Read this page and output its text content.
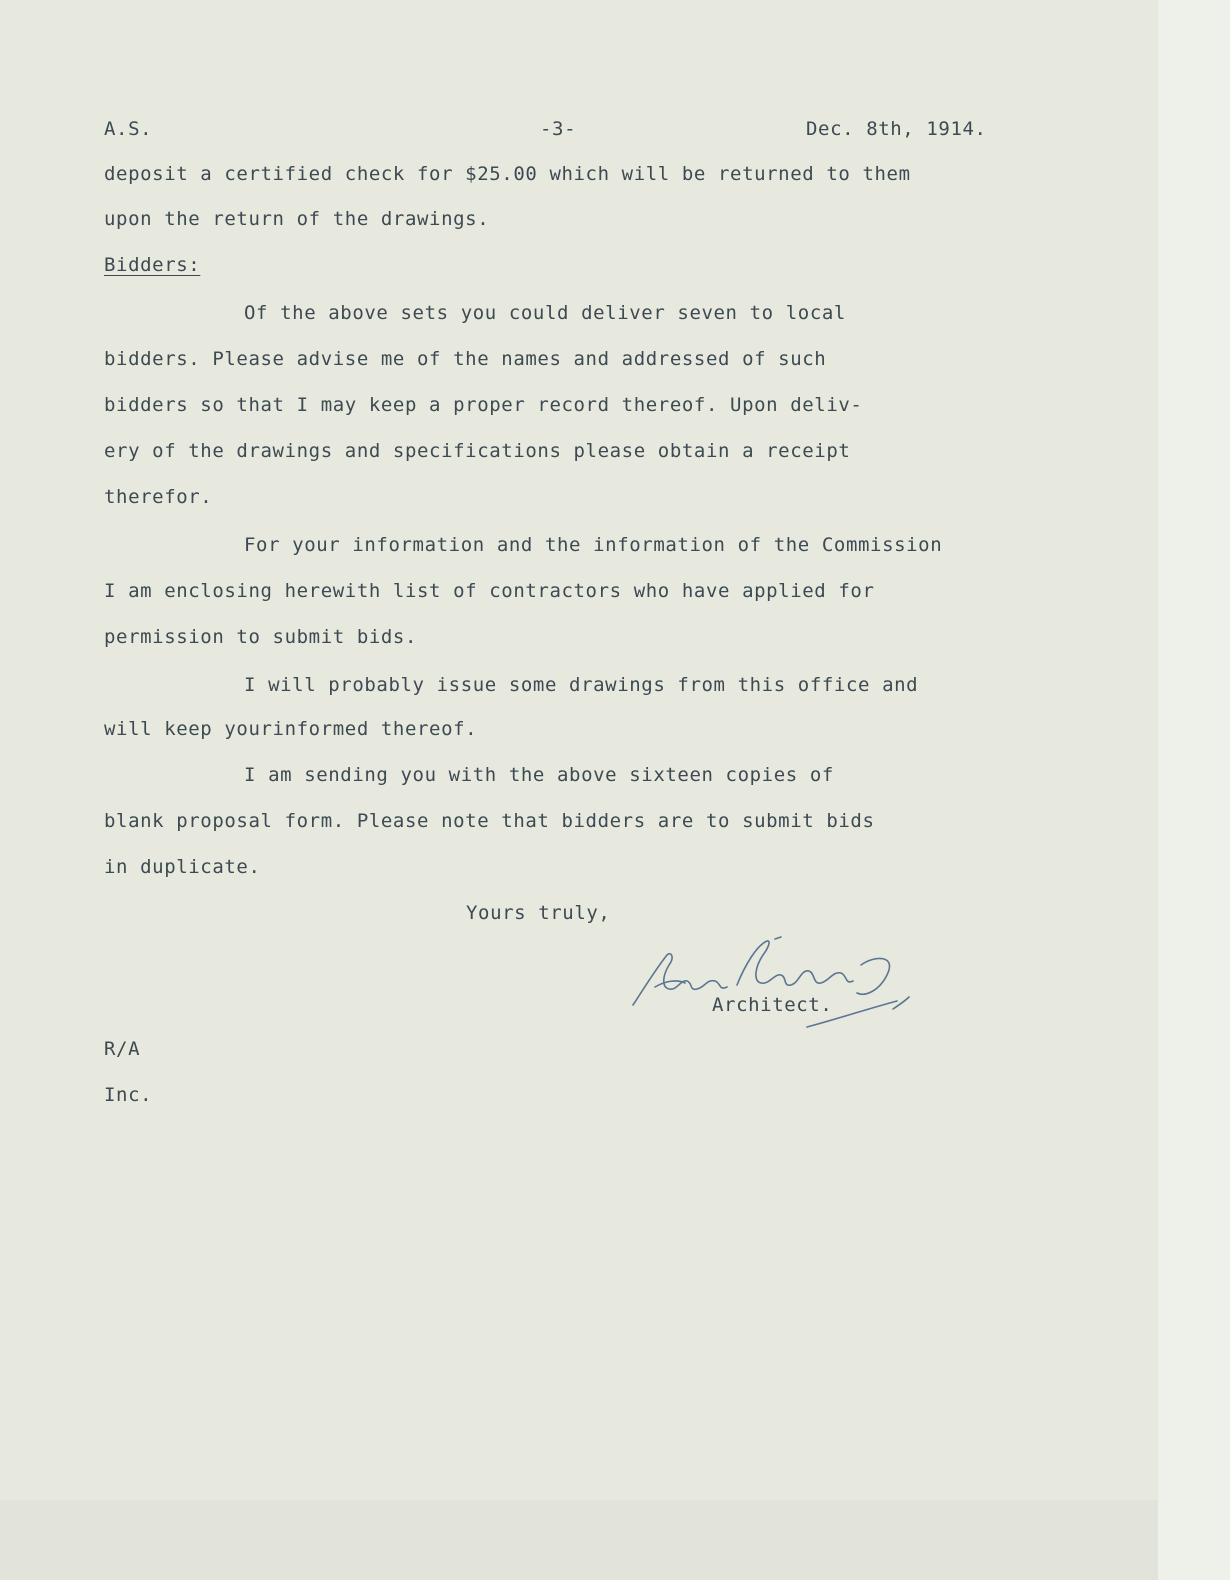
A.S.	-3-	Dec. 8th, 1914.
deposit a certified check for $25.00 which will be returned to them
upon the return of the drawings.
Bidders:
Of the above sets you could deliver seven to local
bidders. Please advise me of the names and addressed of such
bidders so that I may keep a proper record thereof. Upon deliv-
ery of the drawings and specifications please obtain a receipt
therefor.
For your information and the information of the Commission
I am enclosing herewith list of contractors who have applied for
permission to submit bids.
I will probably issue some drawings from this office and
will keep yourinformed thereof.
I am sending you with the above sixteen copies of
blank proposal form. Please note that bidders are to submit bids
in duplicate.
Yours truly,
Architect.
R/A
Inc.
